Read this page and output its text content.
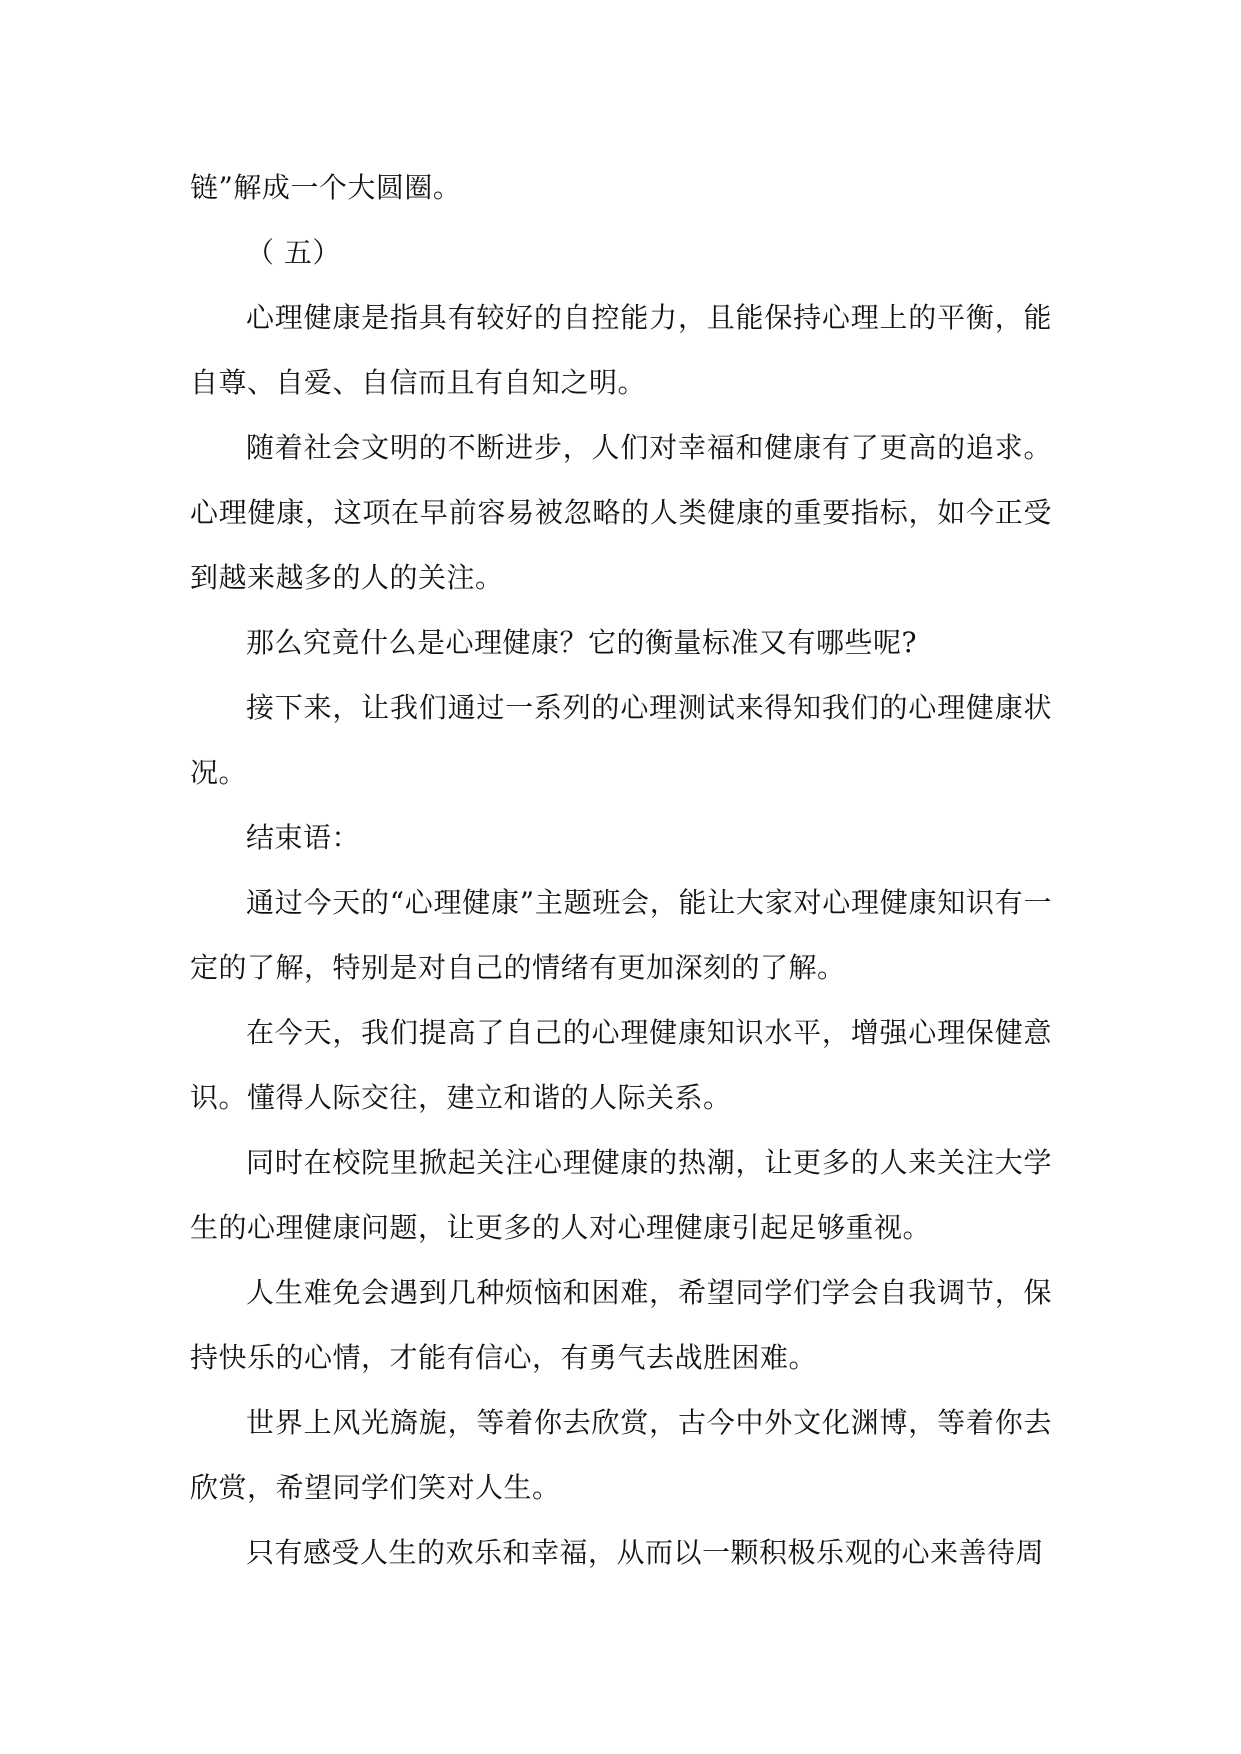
链”解成一个大圆圈。

（ 五）

心理健康是指具有较好的自控能力，且能保持心理上的平衡，能自尊、自爱、自信而且有自知之明。

随着社会文明的不断进步，人们对幸福和健康有了更高的追求。心理健康，这项在早前容易被忽略的人类健康的重要指标，如今正受到越来越多的人的关注。

那么究竟什么是心理健康？它的衡量标准又有哪些呢?

接下来，让我们通过一系列的心理测试来得知我们的心理健康状况。

结束语：

通过今天的“心理健康”主题班会，能让大家对心理健康知识有一定的了解，特别是对自己的情绪有更加深刻的了解。

在今天，我们提高了自己的心理健康知识水平，增强心理保健意识。懂得人际交往，建立和谐的人际关系。

同时在校院里掀起关注心理健康的热潮，让更多的人来关注大学生的心理健康问题，让更多的人对心理健康引起足够重视。

人生难免会遇到几种烦恼和困难，希望同学们学会自我调节，保持快乐的心情，才能有信心，有勇气去战胜困难。

世界上风光旖旎，等着你去欣赏，古今中外文化渊博，等着你去欣赏，希望同学们笑对人生。

只有感受人生的欢乐和幸福，从而以一颗积极乐观的心来善待周
